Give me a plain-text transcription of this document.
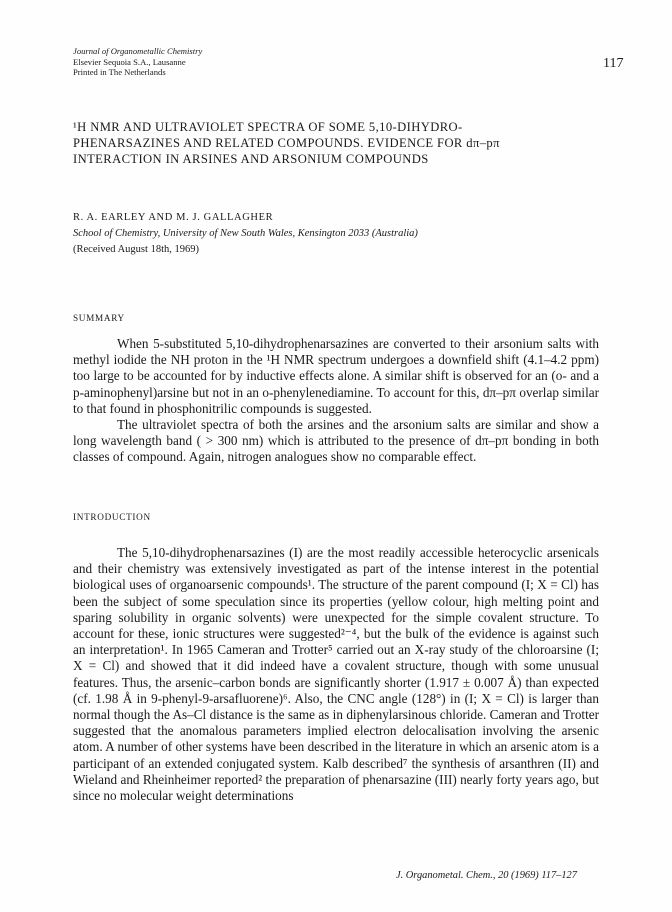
Journal of Organometallic Chemistry
Elsevier Sequoia S.A., Lausanne
Printed in The Netherlands
117
¹H NMR AND ULTRAVIOLET SPECTRA OF SOME 5,10-DIHYDRO-
PHENARSAZINES AND RELATED COMPOUNDS. EVIDENCE FOR dπ–pπ
INTERACTION IN ARSINES AND ARSONIUM COMPOUNDS
R. A. EARLEY AND M. J. GALLAGHER
School of Chemistry, University of New South Wales, Kensington 2033 (Australia)
(Received August 18th, 1969)
SUMMARY

When 5-substituted 5,10-dihydrophenarsazines are converted to their arsonium salts with methyl iodide the NH proton in the ¹H NMR spectrum undergoes a downfield shift (4.1–4.2 ppm) too large to be accounted for by inductive effects alone. A similar shift is observed for an (o- and a p-aminophenyl)arsine but not in an o-phenylenediamine. To account for this, dπ–pπ overlap similar to that found in phosphonitrilic compounds is suggested.

The ultraviolet spectra of both the arsines and the arsonium salts are similar and show a long wavelength band ( > 300 nm) which is attributed to the presence of dπ–pπ bonding in both classes of compound. Again, nitrogen analogues show no comparable effect.

INTRODUCTION

The 5,10-dihydrophenarsazines (I) are the most readily accessible heterocyclic arsenicals and their chemistry was extensively investigated as part of the intense interest in the potential biological uses of organoarsenic compounds¹. The structure of the parent compound (I; X = Cl) has been the subject of some speculation since its properties (yellow colour, high melting point and sparing solubility in organic solvents) were unexpected for the simple covalent structure. To account for these, ionic structures were suggested²⁻⁴, but the bulk of the evidence is against such an interpretation¹. In 1965 Cameran and Trotter⁵ carried out an X-ray study of the chloroarsine (I; X = Cl) and showed that it did indeed have a covalent structure, though with some unusual features. Thus, the arsenic–carbon bonds are significantly shorter (1.917 ± 0.007 Å) than expected (cf. 1.98 Å in 9-phenyl-9-arsafluorene)⁶. Also, the CNC angle (128°) in (I; X = Cl) is larger than normal though the As–Cl distance is the same as in diphenylarsinous chloride. Cameran and Trotter suggested that the anomalous parameters implied electron delocalisation involving the arsenic atom. A number of other systems have been described in the literature in which an arsenic atom is a participant of an extended conjugated system. Kalb described⁷ the synthesis of arsanthren (II) and Wieland and Rheinheimer reported² the preparation of phenarsazine (III) nearly forty years ago, but since no molecular weight determinations

J. Organometal. Chem., 20 (1969) 117–127
